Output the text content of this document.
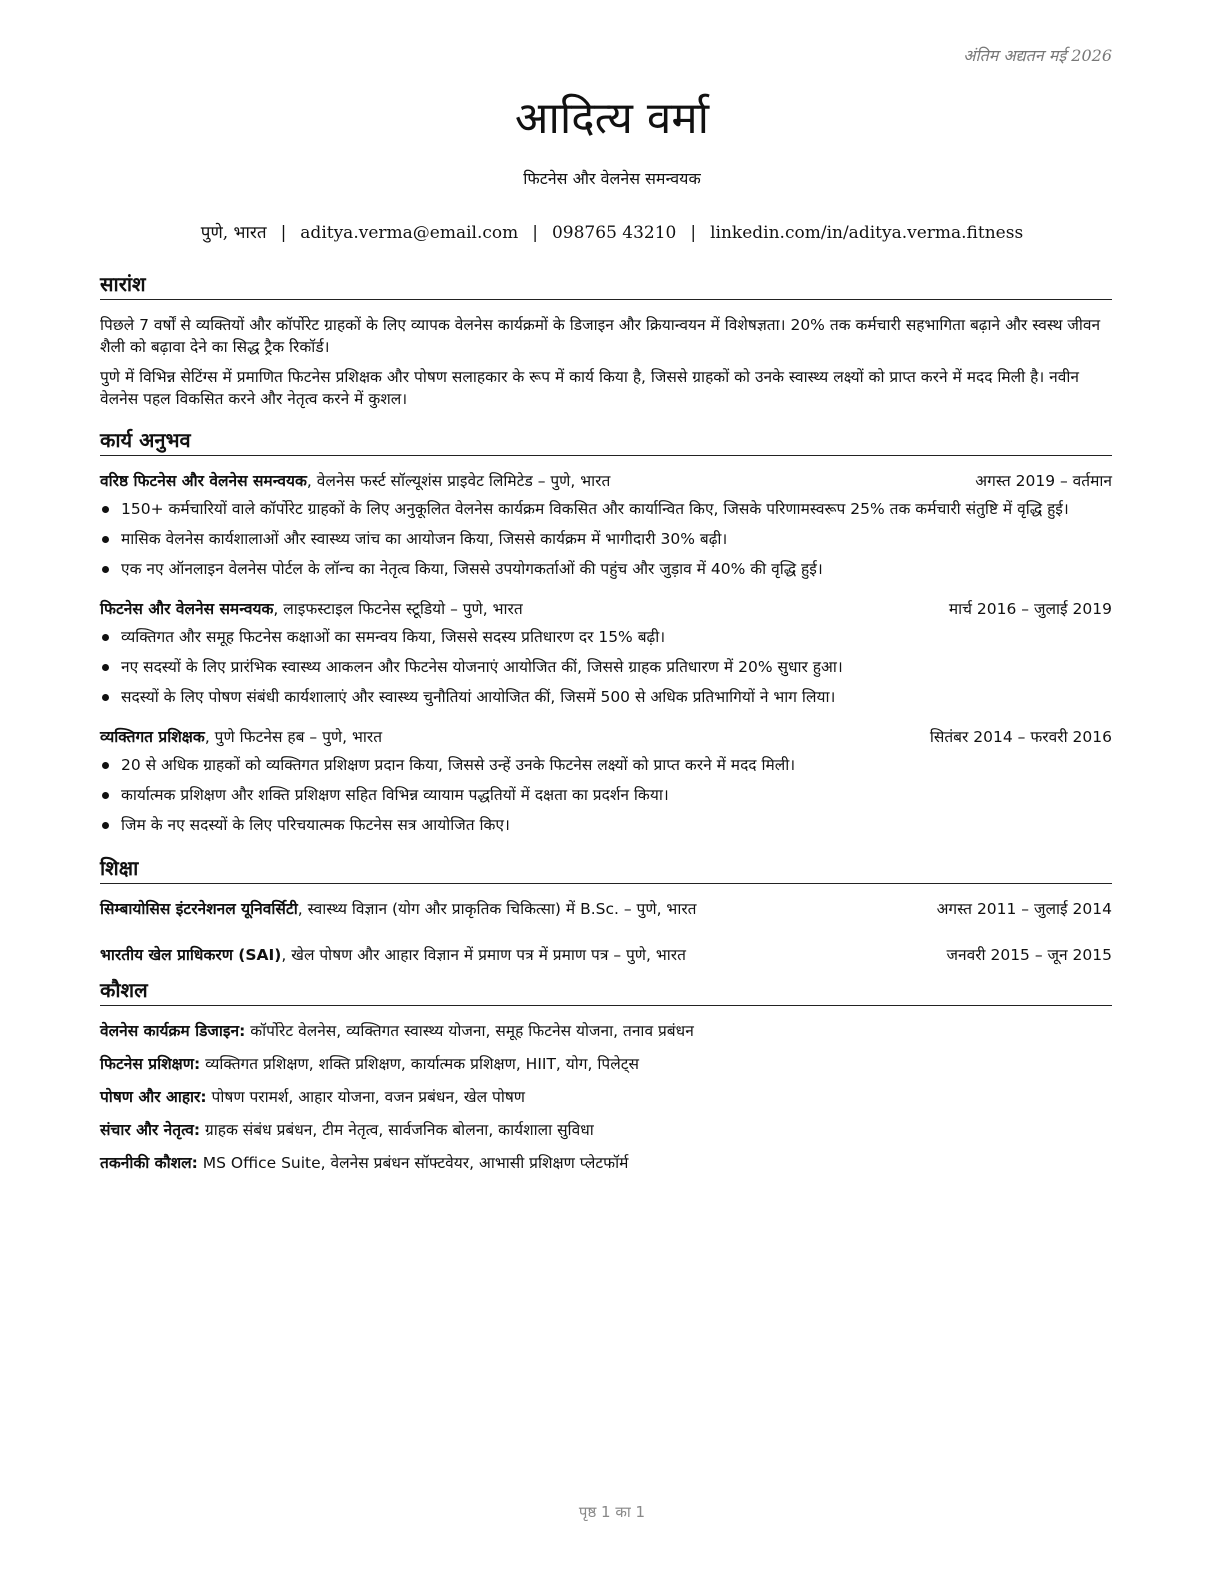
अंतिम अद्यतन मई 2026
आदित्य वर्मा
फिटनेस और वेलनेस समन्वयक
पुणे, भारत | aditya.verma@email.com | 098765 43210 | linkedin.com/in/aditya.verma.fitness
सारांश

पिछले 7 वर्षों से व्यक्तियों और कॉर्पोरेट ग्राहकों के लिए व्यापक वेलनेस कार्यक्रमों के डिजाइन और क्रियान्वयन में विशेषज्ञता। 20% तक कर्मचारी सहभागिता बढ़ाने और स्वस्थ जीवन शैली को बढ़ावा देने का सिद्ध ट्रैक रिकॉर्ड।

पुणे में विभिन्न सेटिंग्स में प्रमाणित फिटनेस प्रशिक्षक और पोषण सलाहकार के रूप में कार्य किया है, जिससे ग्राहकों को उनके स्वास्थ्य लक्ष्यों को प्राप्त करने में मदद मिली है। नवीन वेलनेस पहल विकसित करने और नेतृत्व करने में कुशल।

कार्य अनुभव
वरिष्ठ फिटनेस और वेलनेस समन्वयक, वेलनेस फर्स्ट सॉल्यूशंस प्राइवेट लिमिटेड – पुणे, भारत	अगस्त 2019 – वर्तमान
150+ कर्मचारियों वाले कॉर्पोरेट ग्राहकों के लिए अनुकूलित वेलनेस कार्यक्रम विकसित और कार्यान्वित किए, जिसके परिणामस्वरूप 25% तक कर्मचारी संतुष्टि में वृद्धि हुई।
मासिक वेलनेस कार्यशालाओं और स्वास्थ्य जांच का आयोजन किया, जिससे कार्यक्रम में भागीदारी 30% बढ़ी।
एक नए ऑनलाइन वेलनेस पोर्टल के लॉन्च का नेतृत्व किया, जिससे उपयोगकर्ताओं की पहुंच और जुड़ाव में 40% की वृद्धि हुई।
फिटनेस और वेलनेस समन्वयक, लाइफस्टाइल फिटनेस स्टूडियो – पुणे, भारत	मार्च 2016 – जुलाई 2019
व्यक्तिगत और समूह फिटनेस कक्षाओं का समन्वय किया, जिससे सदस्य प्रतिधारण दर 15% बढ़ी।
नए सदस्यों के लिए प्रारंभिक स्वास्थ्य आकलन और फिटनेस योजनाएं आयोजित कीं, जिससे ग्राहक प्रतिधारण में 20% सुधार हुआ।
सदस्यों के लिए पोषण संबंधी कार्यशालाएं और स्वास्थ्य चुनौतियां आयोजित कीं, जिसमें 500 से अधिक प्रतिभागियों ने भाग लिया।
व्यक्तिगत प्रशिक्षक, पुणे फिटनेस हब – पुणे, भारत	सितंबर 2014 – फरवरी 2016
20 से अधिक ग्राहकों को व्यक्तिगत प्रशिक्षण प्रदान किया, जिससे उन्हें उनके फिटनेस लक्ष्यों को प्राप्त करने में मदद मिली।
कार्यात्मक प्रशिक्षण और शक्ति प्रशिक्षण सहित विभिन्न व्यायाम पद्धतियों में दक्षता का प्रदर्शन किया।
जिम के नए सदस्यों के लिए परिचयात्मक फिटनेस सत्र आयोजित किए।
शिक्षा
सिम्बायोसिस इंटरनेशनल यूनिवर्सिटी, स्वास्थ्य विज्ञान (योग और प्राकृतिक चिकित्सा) में B.Sc. – पुणे, भारत	अगस्त 2011 – जुलाई 2014
भारतीय खेल प्राधिकरण (SAI), खेल पोषण और आहार विज्ञान में प्रमाण पत्र में प्रमाण पत्र – पुणे, भारत	जनवरी 2015 – जून 2015
कौशल
वेलनेस कार्यक्रम डिजाइन: कॉर्पोरेट वेलनेस, व्यक्तिगत स्वास्थ्य योजना, समूह फिटनेस योजना, तनाव प्रबंधन
फिटनेस प्रशिक्षण: व्यक्तिगत प्रशिक्षण, शक्ति प्रशिक्षण, कार्यात्मक प्रशिक्षण, HIIT, योग, पिलेट्स
पोषण और आहार: पोषण परामर्श, आहार योजना, वजन प्रबंधन, खेल पोषण
संचार और नेतृत्व: ग्राहक संबंध प्रबंधन, टीम नेतृत्व, सार्वजनिक बोलना, कार्यशाला सुविधा
तकनीकी कौशल: MS Office Suite, वेलनेस प्रबंधन सॉफ्टवेयर, आभासी प्रशिक्षण प्लेटफॉर्म
पृष्ठ 1 का 1
